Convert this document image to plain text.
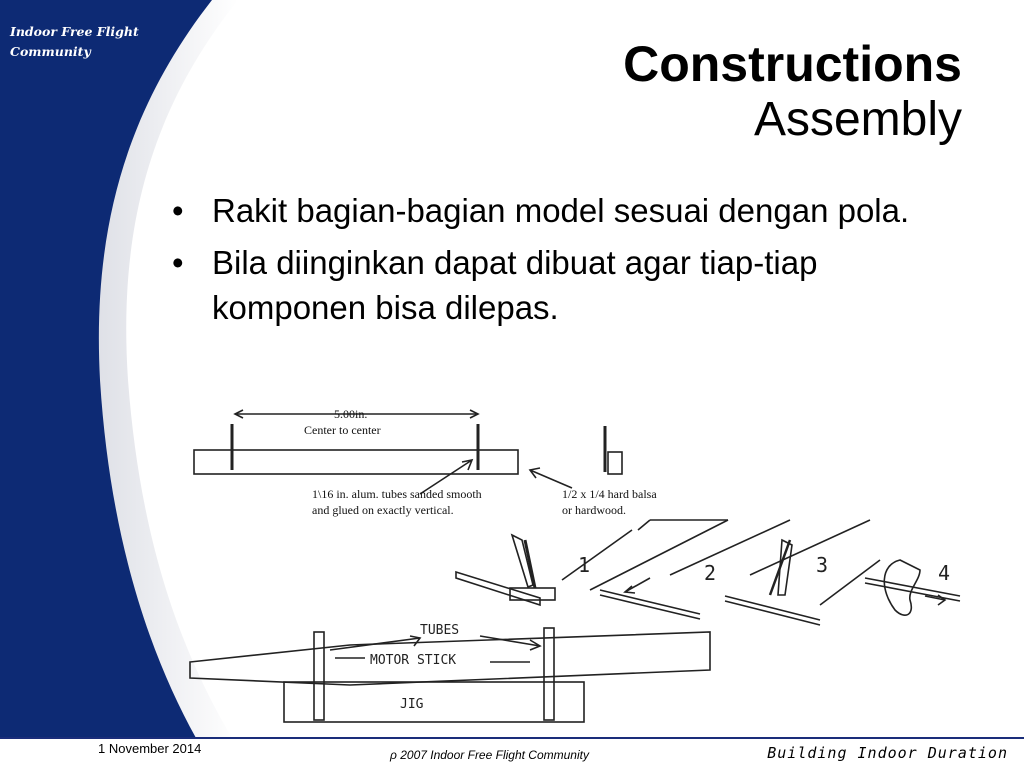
Indoor Free Flight
Community	Constructions
Assembly
• Rakit bagian-bagian model sesuai dengan pola.
• Bila diinginkan dapat dibuat agar tiap-tiap komponen bisa dilepas.
5.00in.
Center to center
1\16 in. alum. tubes sanded smooth
and glued on exactly vertical.
1/2 x 1/4 hard balsa
or hardwood.
1	2	3	4
TUBES
MOTOR STICK
JIG
1 November 2014	ρ 2007 Indoor Free Flight Community	Building Indoor Duration
